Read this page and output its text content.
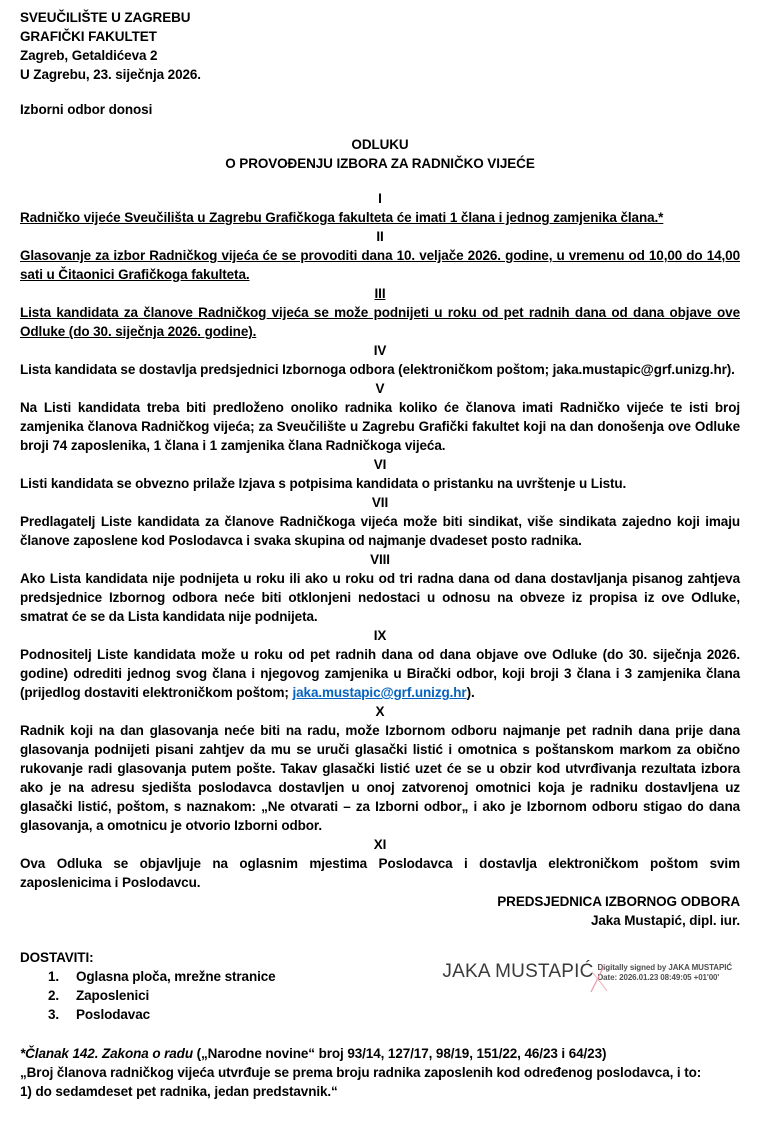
SVEUČILIŠTE U ZAGREBU
GRAFIČKI FAKULTET
Zagreb, Getaldićeva 2
U Zagrebu, 23. siječnja 2026.

Izborni odbor donosi

ODLUKU
O PROVOĐENJU IZBORA ZA RADNIČKO VIJEĆE
I

Radničko vijeće Sveučilišta u Zagrebu Grafičkoga fakulteta će imati 1 člana i jednog zamjenika člana.*

II

Glasovanje za izbor Radničkog vijeća će se provoditi dana 10. veljače 2026. godine, u vremenu od 10,00 do 14,00 sati u Čitaonici Grafičkoga fakulteta.

III

Lista kandidata za članove Radničkog vijeća se može podnijeti u roku od pet radnih dana od dana objave ove Odluke (do 30. siječnja 2026. godine).

IV

Lista kandidata se dostavlja predsjednici Izbornoga odbora (elektroničkom poštom; jaka.mustapic@grf.unizg.hr).

V

Na Listi kandidata treba biti predloženo onoliko radnika koliko će članova imati Radničko vijeće te isti broj zamjenika članova Radničkog vijeća; za Sveučilište u Zagrebu Grafički fakultet koji na dan donošenja ove Odluke broji 74 zaposlenika, 1 člana i 1 zamjenika člana Radničkoga vijeća.

VI

Listi kandidata se obvezno prilaže Izjava s potpisima kandidata o pristanku na uvrštenje u Listu.

VII

Predlagatelj Liste kandidata za članove Radničkoga vijeća može biti sindikat, više sindikata zajedno koji imaju članove zaposlene kod Poslodavca i svaka skupina od najmanje dvadeset posto radnika.

VIII

Ako Lista kandidata nije podnijeta u roku ili ako u roku od tri radna dana od dana dostavljanja pisanog zahtjeva predsjednice Izbornog odbora neće biti otklonjeni nedostaci u odnosu na obveze iz propisa iz ove Odluke, smatrat će se da Lista kandidata nije podnijeta.

IX

Podnositelj Liste kandidata može u roku od pet radnih dana od dana objave ove Odluke (do 30. siječnja 2026. godine) odrediti jednog svog člana i njegovog zamjenika u Birački odbor, koji broji 3 člana i 3 zamjenika člana (prijedlog dostaviti elektroničkom poštom; jaka.mustapic@grf.unizg.hr).

X

Radnik koji na dan glasovanja neće biti na radu, može Izbornom odboru najmanje pet radnih dana prije dana glasovanja podnijeti pisani zahtjev da mu se uruči glasački listić i omotnica s poštanskom markom za obično rukovanje radi glasovanja putem pošte. Takav glasački listić uzet će se u obzir kod utvrđivanja rezultata izbora ako je na adresu sjedišta poslodavca dostavljen u onoj zatvorenoj omotnici koja je radniku dostavljena uz glasački listić, poštom, s naznakom: „Ne otvarati – za Izborni odbor„ i ako je Izbornom odboru stigao do dana glasovanja, a omotnicu je otvorio Izborni odbor.

XI

Ova Odluka se objavljuje na oglasnim mjestima Poslodavca i dostavlja elektroničkom poštom svim zaposlenicima i Poslodavcu.

PREDSJEDNICA IZBORNOG ODBORA
Jaka Mustapić, dipl. iur.
DOSTAVITI:
1.	Oglasna ploča, mrežne stranice
2.	Zaposlenici
3.	Poslodavac
JAKA MUSTAPIĆ Digitally signed by JAKA MUSTAPIĆ
Date: 2026.01.23 08:49:05 +01'00'

*Članak 142. Zakona o radu („Narodne novine“ broj 93/14, 127/17, 98/19, 151/22, 46/23 i 64/23)

„Broj članova radničkog vijeća utvrđuje se prema broju radnika zaposlenih kod određenog poslodavca, i to:

1) do sedamdeset pet radnika, jedan predstavnik.“
